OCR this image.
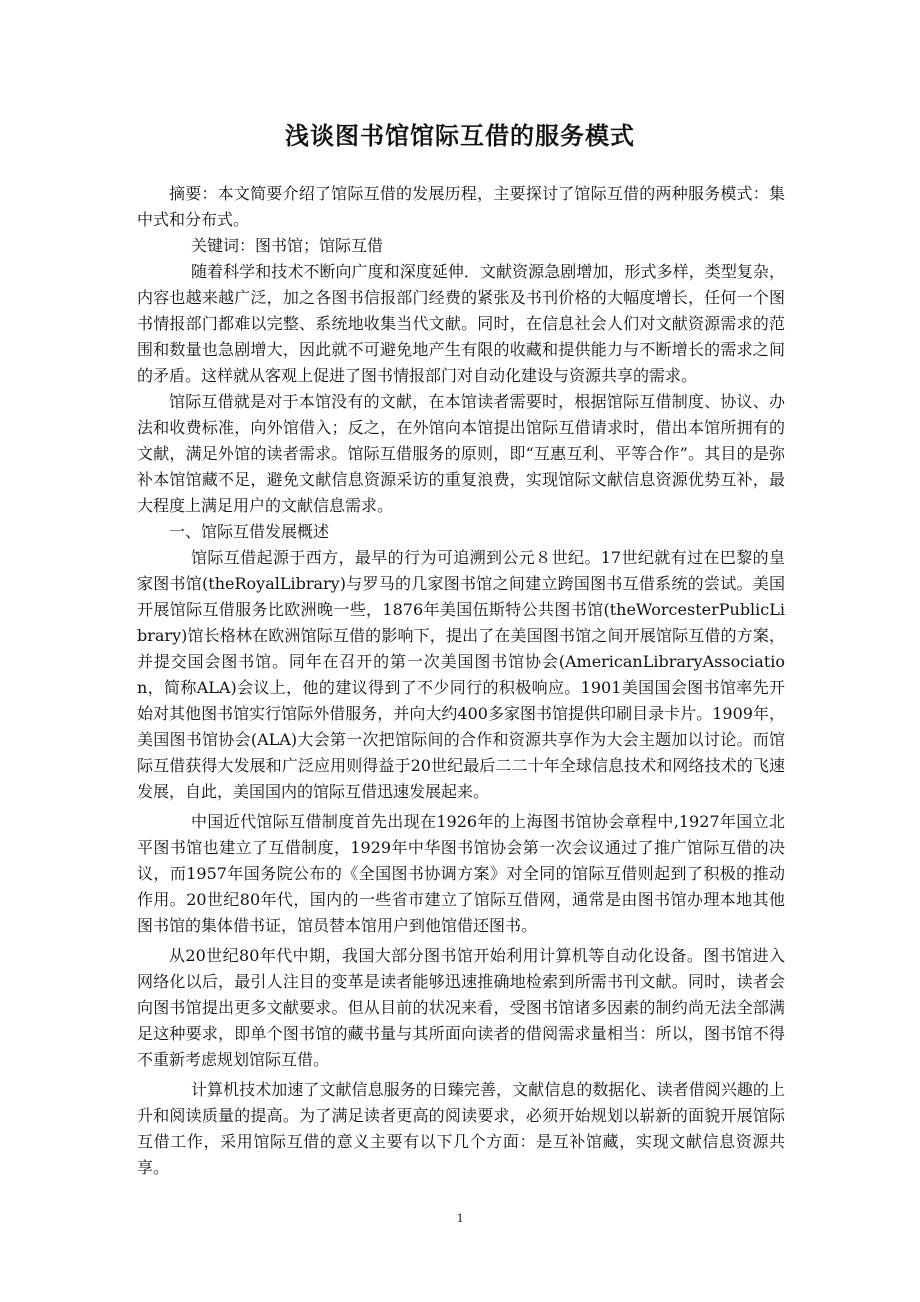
浅谈图书馆馆际互借的服务模式

摘要：本文简要介绍了馆际互借的发展历程，主要探讨了馆际互借的两种服务模式：集中式和分布式。

关键词：图书馆；馆际互借

随着科学和技术不断向广度和深度延伸．文献资源急剧增加，形式多样，类型复杂，内容也越来越广泛，加之各图书信报部门经费的紧张及书刊价格的大幅度增长，任何一个图书情报部门都难以完整、系统地收集当代文献。同时，在信息社会人们对文献资源需求的范围和数量也急剧增大，因此就不可避免地产生有限的收藏和提供能力与不断增长的需求之间的矛盾。这样就从客观上促进了图书情报部门对自动化建设与资源共享的需求。

馆际互借就是对于本馆没有的文献，在本馆读者需要时，根据馆际互借制度、协议、办法和收费标准，向外馆借入；反之，在外馆向本馆提出馆际互借请求时，借出本馆所拥有的文献，满足外馆的读者需求。馆际互借服务的原则，即“互惠互利、平等合作”。其目的是弥补本馆馆藏不足，避免文献信息资源采访的重复浪费，实现馆际文献信息资源优势互补，最大程度上满足用户的文献信息需求。

一、馆际互借发展概述

馆际互借起源于西方，最早的行为可追溯到公元８世纪。17世纪就有过在巴黎的皇家图书馆(theRoyalLibrary)与罗马的几家图书馆之间建立跨国图书互借系统的尝试。美国开展馆际互借服务比欧洲晚一些，1876年美国伍斯特公共图书馆(theWorcesterPublicLibrary)馆长格林在欧洲馆际互借的影响下，提出了在美国图书馆之间开展馆际互借的方案，并提交国会图书馆。同年在召开的第一次美国图书馆协会(AmericanLibraryAssociation，简称ALA)会议上，他的建议得到了不少同行的积极响应。1901美国国会图书馆率先开始对其他图书馆实行馆际外借服务，并向大约400多家图书馆提供印刷目录卡片。1909年，美国图书馆协会(ALA)大会第一次把馆际间的合作和资源共享作为大会主题加以讨论。而馆际互借获得大发展和广泛应用则得益于20世纪最后二二十年全球信息技术和网络技术的飞速发展，自此，美国国内的馆际互借迅速发展起来。

中国近代馆际互借制度首先出现在1926年的上海图书馆协会章程中,1927年国立北平图书馆也建立了互借制度，1929年中华图书馆协会第一次会议通过了推广馆际互借的决议，而1957年国务院公布的《全国图书协调方案》对全同的馆际互借则起到了积极的推动作用。20世纪80年代，国内的一些省市建立了馆际互借网，通常是由图书馆办理本地其他图书馆的集体借书证，馆员替本馆用户到他馆借还图书。

从20世纪80年代中期，我国大部分图书馆开始利用计算机等自动化设备。图书馆进入网络化以后，最引人注目的变革是读者能够迅速推确地检索到所需书刊文献。同时，读者会向图书馆提出更多文献要求。但从目前的状况来看，受图书馆诸多因素的制约尚无法全部满足这种要求，即单个图书馆的藏书量与其所面向读者的借阅需求量相当：所以，图书馆不得不重新考虑规划馆际互借。

计算机技术加速了文献信息服务的日臻完善，文献信息的数据化、读者借阅兴趣的上升和阅读质量的提高。为了满足读者更高的阅读要求，必须开始规划以崭新的面貌开展馆际互借工作，采用馆际互借的意义主要有以下几个方面：是互补馆藏，实现文献信息资源共享。

1
